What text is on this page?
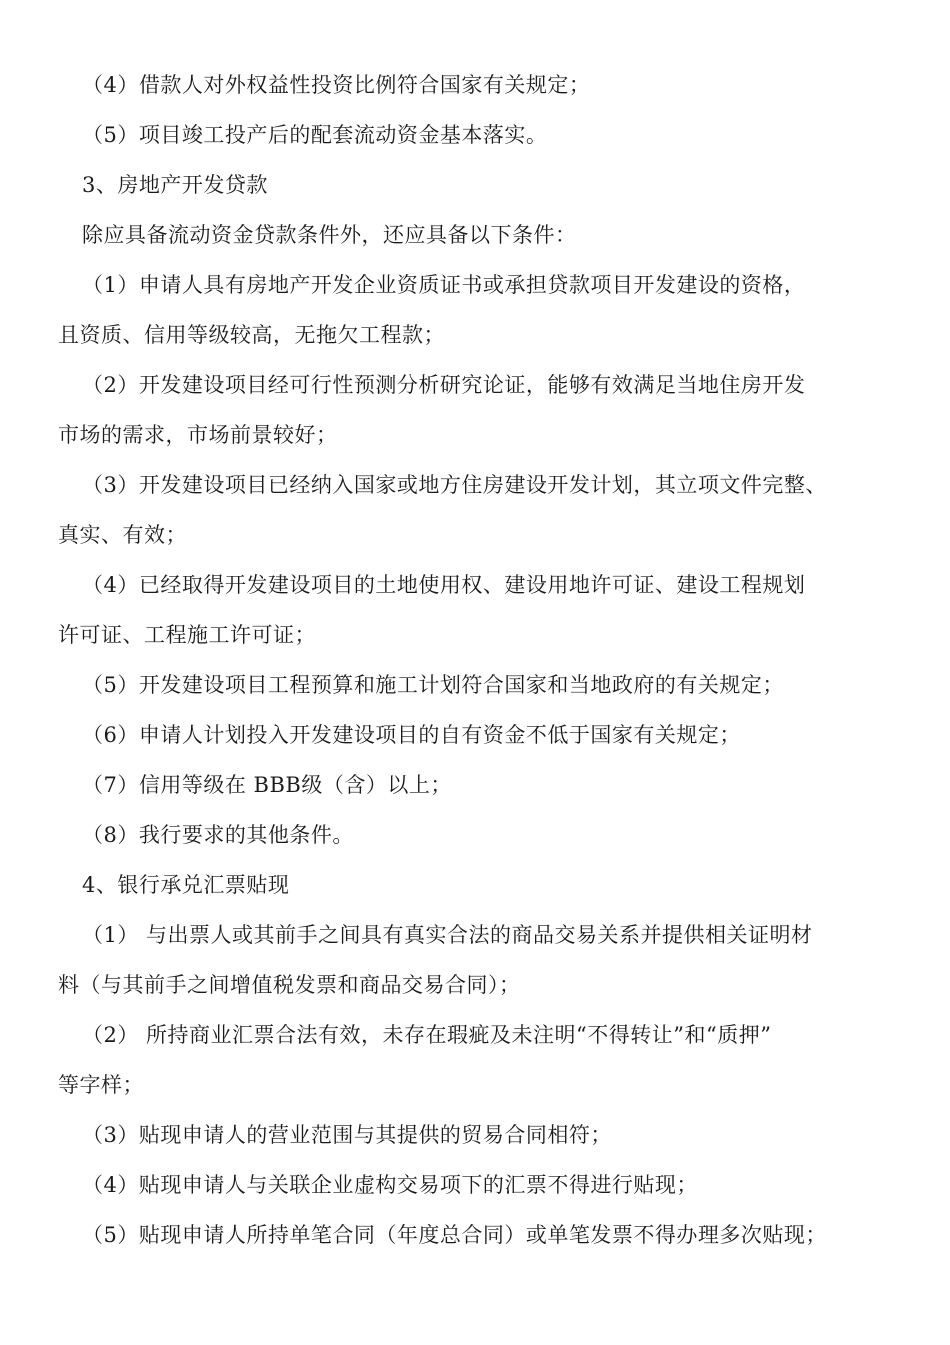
（4）借款人对外权益性投资比例符合国家有关规定；
（5）项目竣工投产后的配套流动资金基本落实。
3、房地产开发贷款
除应具备流动资金贷款条件外，还应具备以下条件：
（1）申请人具有房地产开发企业资质证书或承担贷款项目开发建设的资格，
且资质、信用等级较高，无拖欠工程款；
（2）开发建设项目经可行性预测分析研究论证，能够有效满足当地住房开发
市场的需求，市场前景较好；
（3）开发建设项目已经纳入国家或地方住房建设开发计划，其立项文件完整、
真实、有效；
（4）已经取得开发建设项目的土地使用权、建设用地许可证、建设工程规划
许可证、工程施工许可证；
（5）开发建设项目工程预算和施工计划符合国家和当地政府的有关规定；
（6）申请人计划投入开发建设项目的自有资金不低于国家有关规定；
（7）信用等级在 BBB级（含）以上；
（8）我行要求的其他条件。
4、银行承兑汇票贴现
（1） 与出票人或其前手之间具有真实合法的商品交易关系并提供相关证明材
料（与其前手之间增值税发票和商品交易合同）；
（2） 所持商业汇票合法有效，未存在瑕疵及未注明“不得转让”和“质押”
等字样；
（3）贴现申请人的营业范围与其提供的贸易合同相符；
（4）贴现申请人与关联企业虚构交易项下的汇票不得进行贴现；
（5）贴现申请人所持单笔合同（年度总合同）或单笔发票不得办理多次贴现；
